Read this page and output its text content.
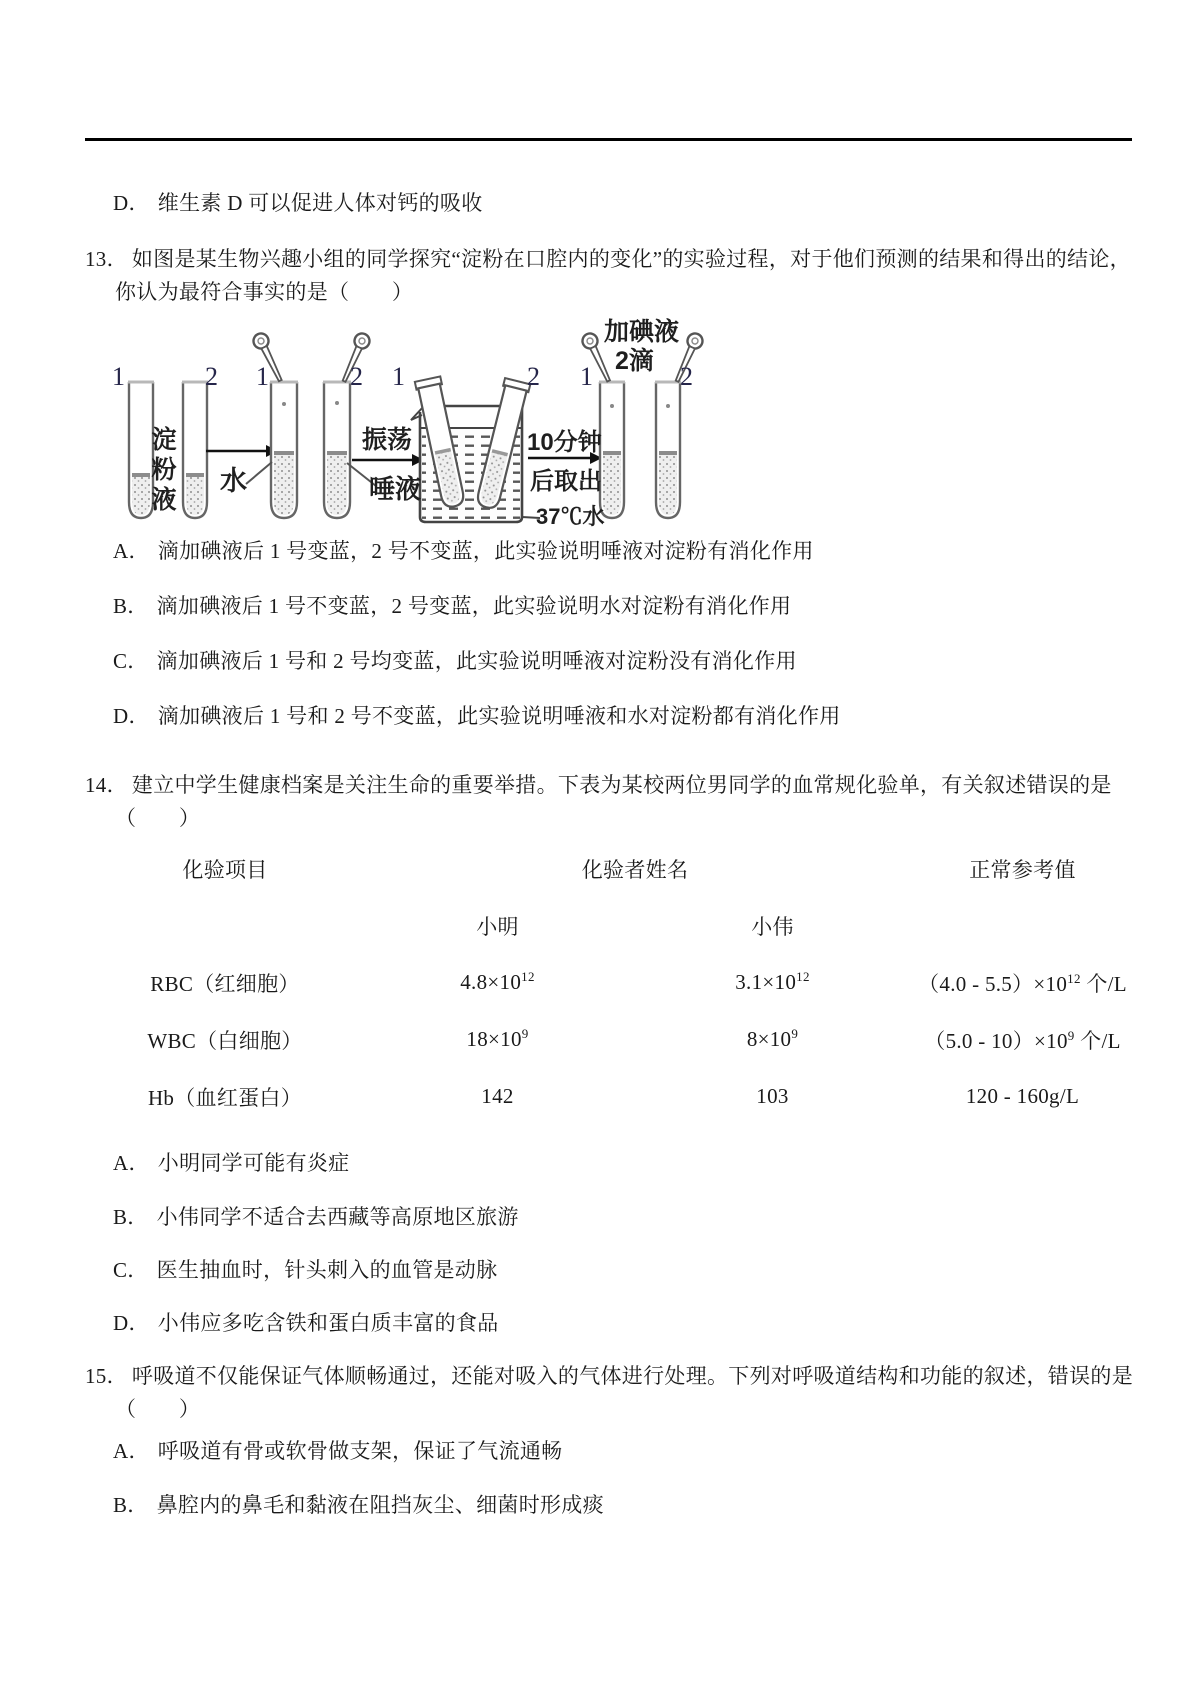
D． 维生素 D 可以促进人体对钙的吸收
13． 如图是某生物兴趣小组的同学探究“淀粉在口腔内的变化”的实验过程，对于他们预测的结果和得出的结论，
你认为最符合事实的是（　　）
1	2 1	2 1	2 1	2
淀粉液 水	唾液
振荡	10分钟
后取出
37℃水
加碘液
2滴
A． 滴加碘液后 1 号变蓝，2 号不变蓝，此实验说明唾液对淀粉有消化作用
B． 滴加碘液后 1 号不变蓝，2 号变蓝，此实验说明水对淀粉有消化作用
C． 滴加碘液后 1 号和 2 号均变蓝，此实验说明唾液对淀粉没有消化作用
D． 滴加碘液后 1 号和 2 号不变蓝，此实验说明唾液和水对淀粉都有消化作用
14． 建立中学生健康档案是关注生命的重要举措。下表为某校两位男同学的血常规化验单，有关叙述错误的是
（　　）
化验项目	化验者姓名	正常参考值
小明	小伟
RBC（红细胞）	$4.8\times 10^{12}$	$3.1\times 10^{12}$	$(4.0 - 5.5)\times 10^{12}$ 个/L
WBC（白细胞）	$18\times 10^9$	$8\times 10^9$	$(5.0 - 10)\times 10^9$ 个/L
Hb（血红蛋白）	142	103	120 - 160g/L
A． 小明同学可能有炎症
B． 小伟同学不适合去西藏等高原地区旅游
C． 医生抽血时，针头刺入的血管是动脉
D． 小伟应多吃含铁和蛋白质丰富的食品
15． 呼吸道不仅能保证气体顺畅通过，还能对吸入的气体进行处理。下列对呼吸道结构和功能的叙述，错误的是
（　　）
A． 呼吸道有骨或软骨做支架，保证了气流通畅
B． 鼻腔内的鼻毛和黏液在阻挡灰尘、细菌时形成痰
